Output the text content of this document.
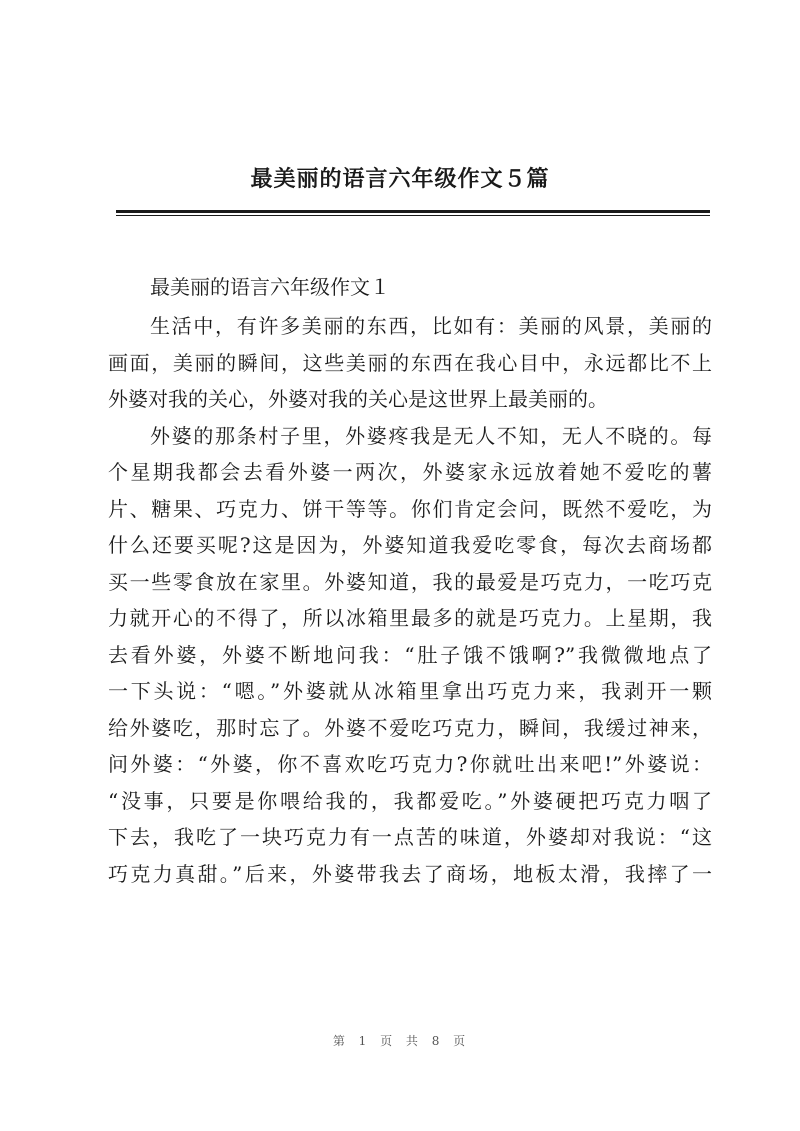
最美丽的语言六年级作文５篇
最美丽的语言六年级作文１
生活中，有许多美丽的东西，比如有：美丽的风景，美丽的
画面，美丽的瞬间，这些美丽的东西在我心目中，永远都比不上
外婆对我的关心，外婆对我的关心是这世界上最美丽的。
外婆的那条村子里，外婆疼我是无人不知，无人不晓的。每
个星期我都会去看外婆一两次，外婆家永远放着她不爱吃的薯
片、糖果、巧克力、饼干等等。你们肯定会问，既然不爱吃，为
什么还要买呢?这是因为，外婆知道我爱吃零食，每次去商场都
买一些零食放在家里。外婆知道，我的最爱是巧克力，一吃巧克
力就开心的不得了，所以冰箱里最多的就是巧克力。上星期，我
去看外婆，外婆不断地问我：“肚子饿不饿啊?”我微微地点了
一下头说：“嗯。”外婆就从冰箱里拿出巧克力来，我剥开一颗
给外婆吃，那时忘了。外婆不爱吃巧克力，瞬间，我缓过神来，
问外婆：“外婆，你不喜欢吃巧克力?你就吐出来吧!”外婆说：
“没事，只要是你喂给我的，我都爱吃。”外婆硬把巧克力咽了
下去，我吃了一块巧克力有一点苦的味道，外婆却对我说：“这
巧克力真甜。”后来，外婆带我去了商场，地板太滑，我摔了一
第 1 页 共 8 页
